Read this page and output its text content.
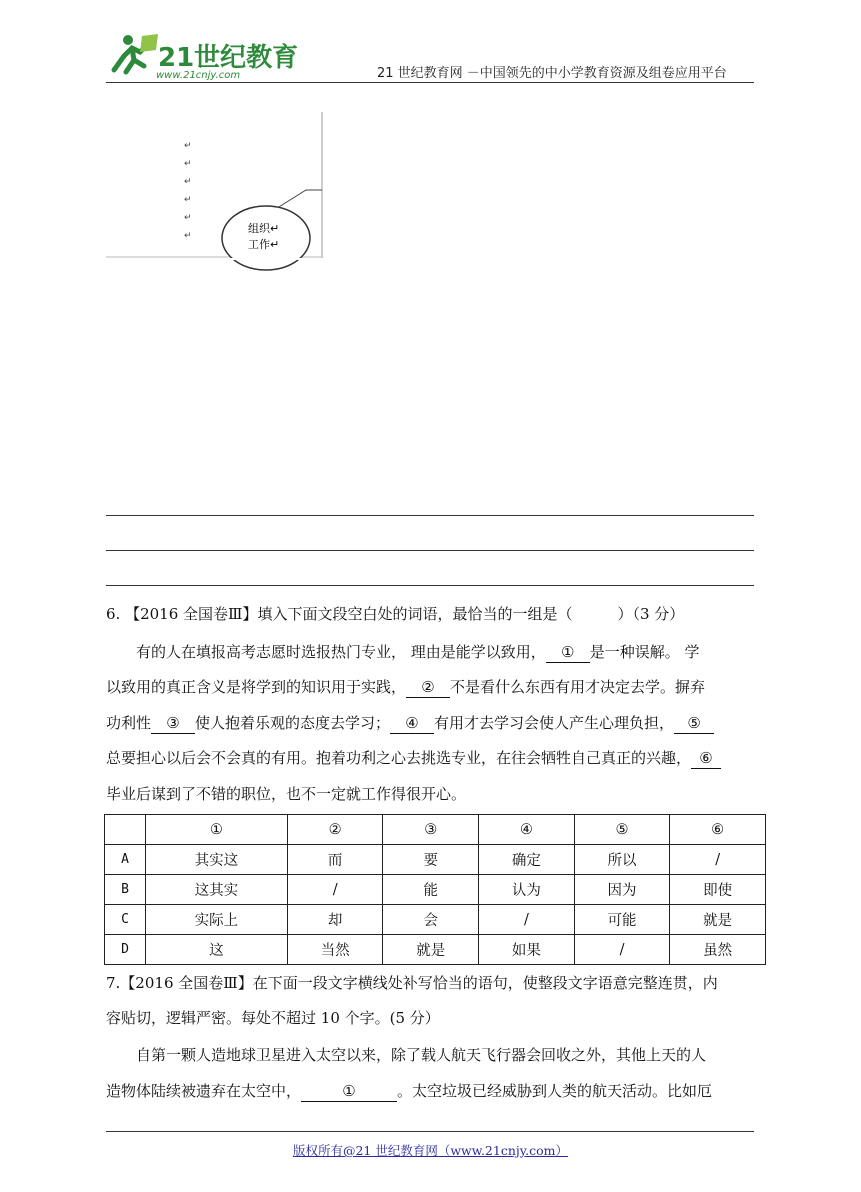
21世纪教育
www.21cnjy.com	21 世纪教育网 －中国领先的中小学教育资源及组卷应用平台
↵
↵
↵
↵
↵
↵
组织↵
工作↵
6. 【2016 全国卷Ⅲ】填入下面文段空白处的词语，最恰当的一组是（　　　）（3 分）
有的人在填报高考志愿时选报热门专业， 理由是能学以致用， ① 是一种误解。 学
以致用的真正含义是将学到的知识用于实践， ② 不是看什么东西有用才决定去学。摒弃
功利性 ③ 使人抱着乐观的态度去学习； ④ 有用才去学习会使人产生心理负担， ⑤
总要担心以后会不会真的有用。抱着功利之心去挑选专业，在往会牺牲自己真正的兴趣， ⑥
毕业后谋到了不错的职位，也不一定就工作得很开心。
	①	②	③	④	⑤	⑥
A	其实这	而	要	确定	所以	/
B	这其实	/	能	认为	因为	即使
C	实际上	却	会	/	可能	就是
D	这	当然	就是	如果	/	虽然
7.【2016 全国卷Ⅲ】在下面一段文字横线处补写恰当的语句，使整段文字语意完整连贯，内
容贴切，逻辑严密。每处不超过 10 个字。(5 分）
自第一颗人造地球卫星进入太空以来，除了载人航天飞行器会回收之外，其他上天的人
造物体陆续被遗弃在太空中，	①	。太空垃圾已经威胁到人类的航天活动。比如厄
版权所有@21 世纪教育网（www.21cnjy.com）
